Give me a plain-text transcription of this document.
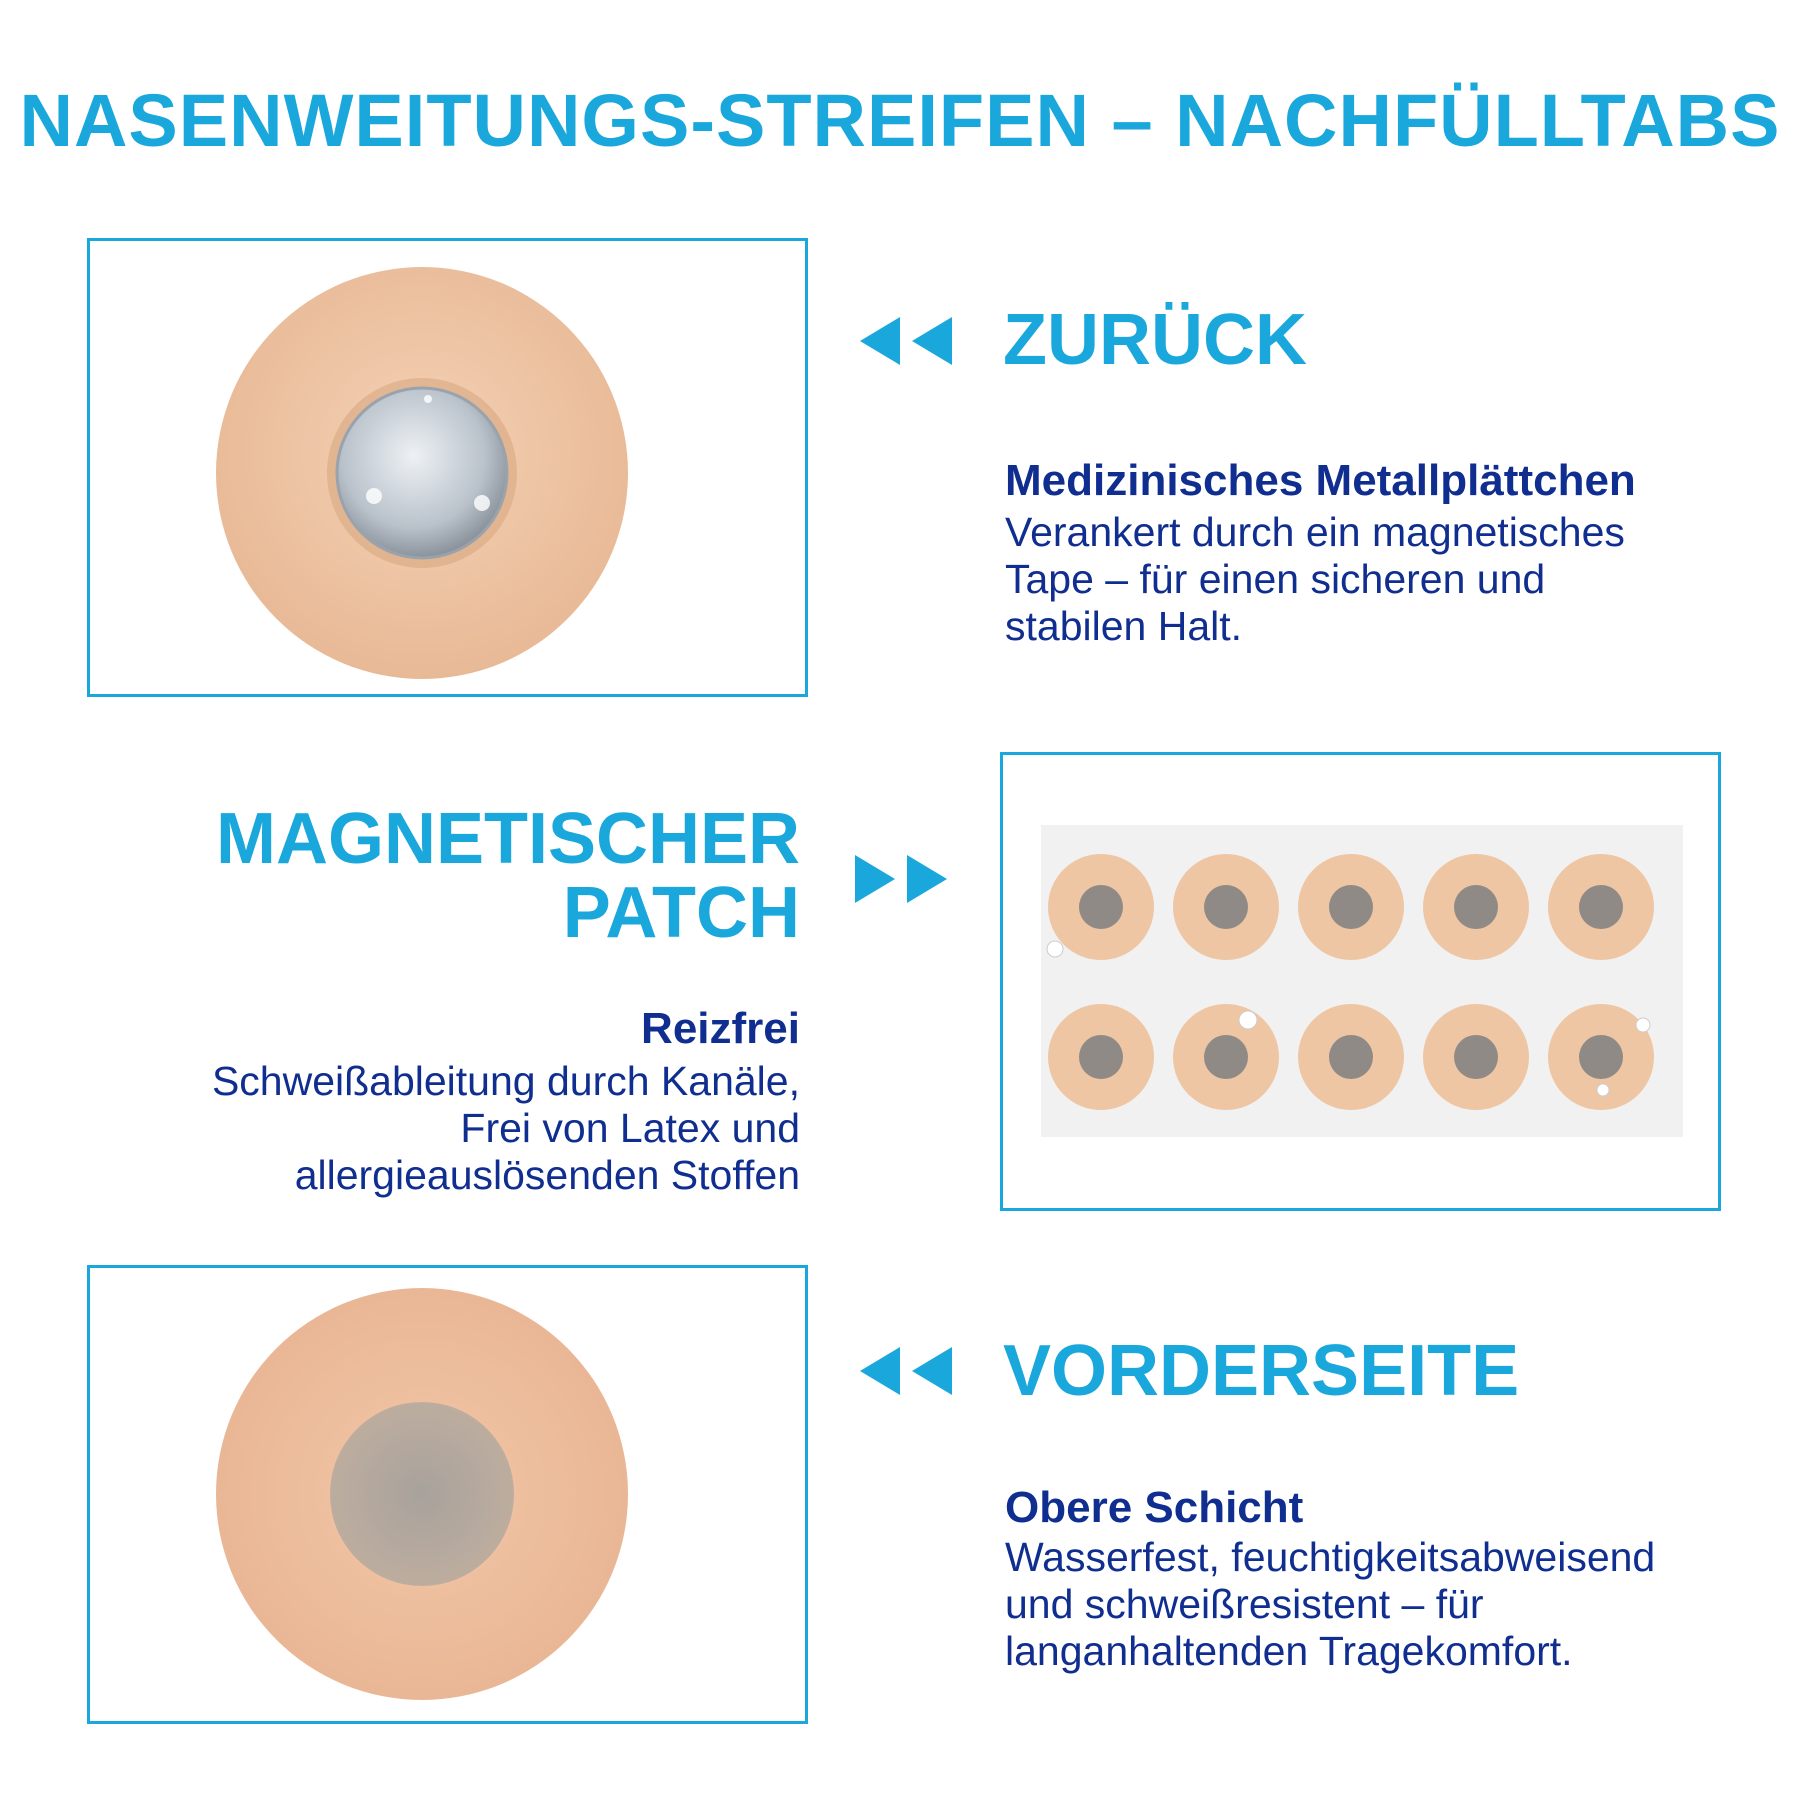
NASENWEITUNGS-STREIFEN – NACHFÜLLTABS
ZURÜCK
Medizinisches Metallplättchen
Verankert durch ein magnetisches
Tape – für einen sicheren und
stabilen Halt.
MAGNETISCHER
PATCH
Reizfrei
Schweißableitung durch Kanäle,
Frei von Latex und
allergieauslösenden Stoffen
VORDERSEITE
Obere Schicht
Wasserfest, feuchtigkeitsabweisend
und schweißresistent – für
langanhaltenden Tragekomfort.
